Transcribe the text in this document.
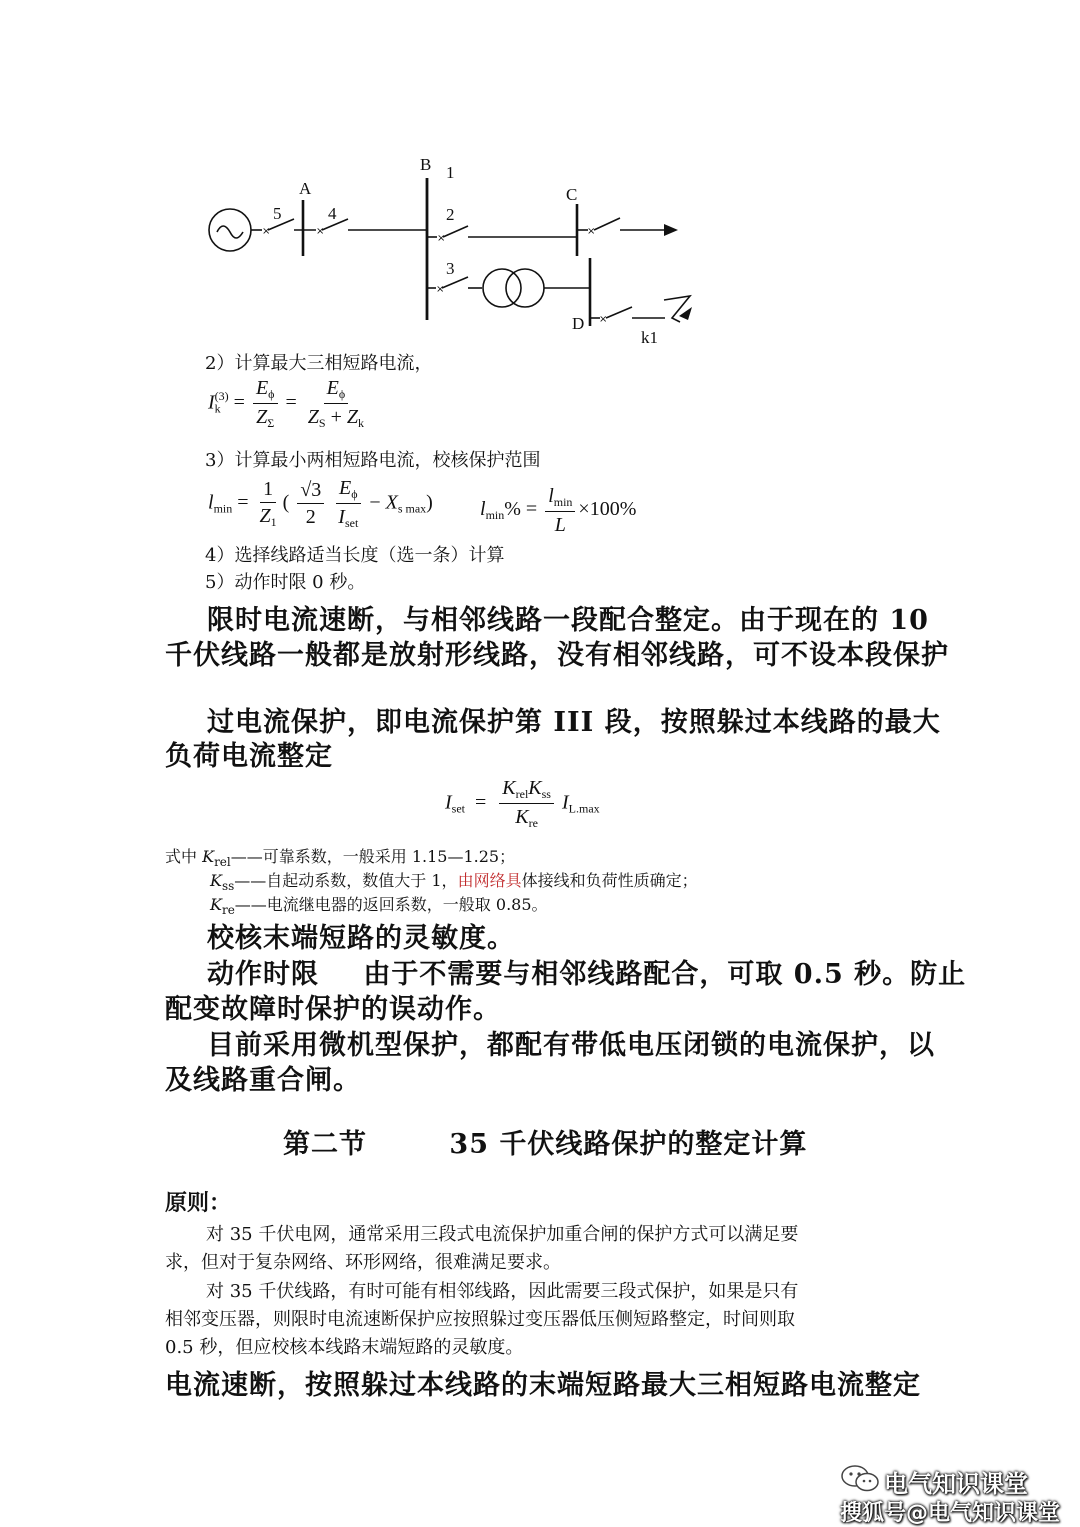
×	×
×
×
×
×
A
B 1
2
3
4
5
C
D
k1
2）计算最大三相短路电流，
$I_k^{(3)} = \frac{E_\phi}{Z_\Sigma} = \frac{E_\phi}{Z_S + Z_k}$
3）计算最小两相短路电流，校核保护范围
$l_{min} = \frac{1}{Z_1}$ ( $\frac{√3}{2}$
$\frac{E_\phi}{I_{set}} - X_{s max}$) $l_{min}\% = \frac{l_{min}}{L} \times 100\%$
4）选择线路适当长度（选一条）计算
5）动作时限 0 秒。
限时电流速断，与相邻线路一段配合整定。由于现在的 10
千伏线路一般都是放射形线路，没有相邻线路，可不设本段保护
过电流保护，即电流保护第 III 段，按照躲过本线路的最大
负荷电流整定
$I_{set} = \frac{K_{rel}K_{ss}}{K_{re}} I_{L.max}$
式中 $K_{rel}——$可靠系数，一般采用 1.15—1.25；
$K_{ss}——$自起动系数，数值大于 1，由网络具体接线和负荷性质确定；
$K_{re}——$电流继电器的返回系数，一般取 0.85。
校核末端短路的灵敏度。
动作时限 由于不需要与相邻线路配合，可取 0.5 秒。防止
配变故障时保护的误动作。
目前采用微机型保护，都配有带低电压闭锁的电流保护，以
及线路重合闸。
第二节	35 千伏线路保护的整定计算
原则：
对 35 千伏电网，通常采用三段式电流保护加重合闸的保护方式可以满足要
求，但对于复杂网络、环形网络，很难满足要求。
对 35 千伏线路，有时可能有相邻线路，因此需要三段式保护，如果是只有
相邻变压器，则限时电流速断保护应按照躲过变压器低压侧短路整定，时间则取
0.5 秒，但应校核本线路末端短路的灵敏度。
电流速断，按照躲过本线路的末端短路最大三相短路电流整定
电气知识课堂
搜狐号@电气知识课堂
